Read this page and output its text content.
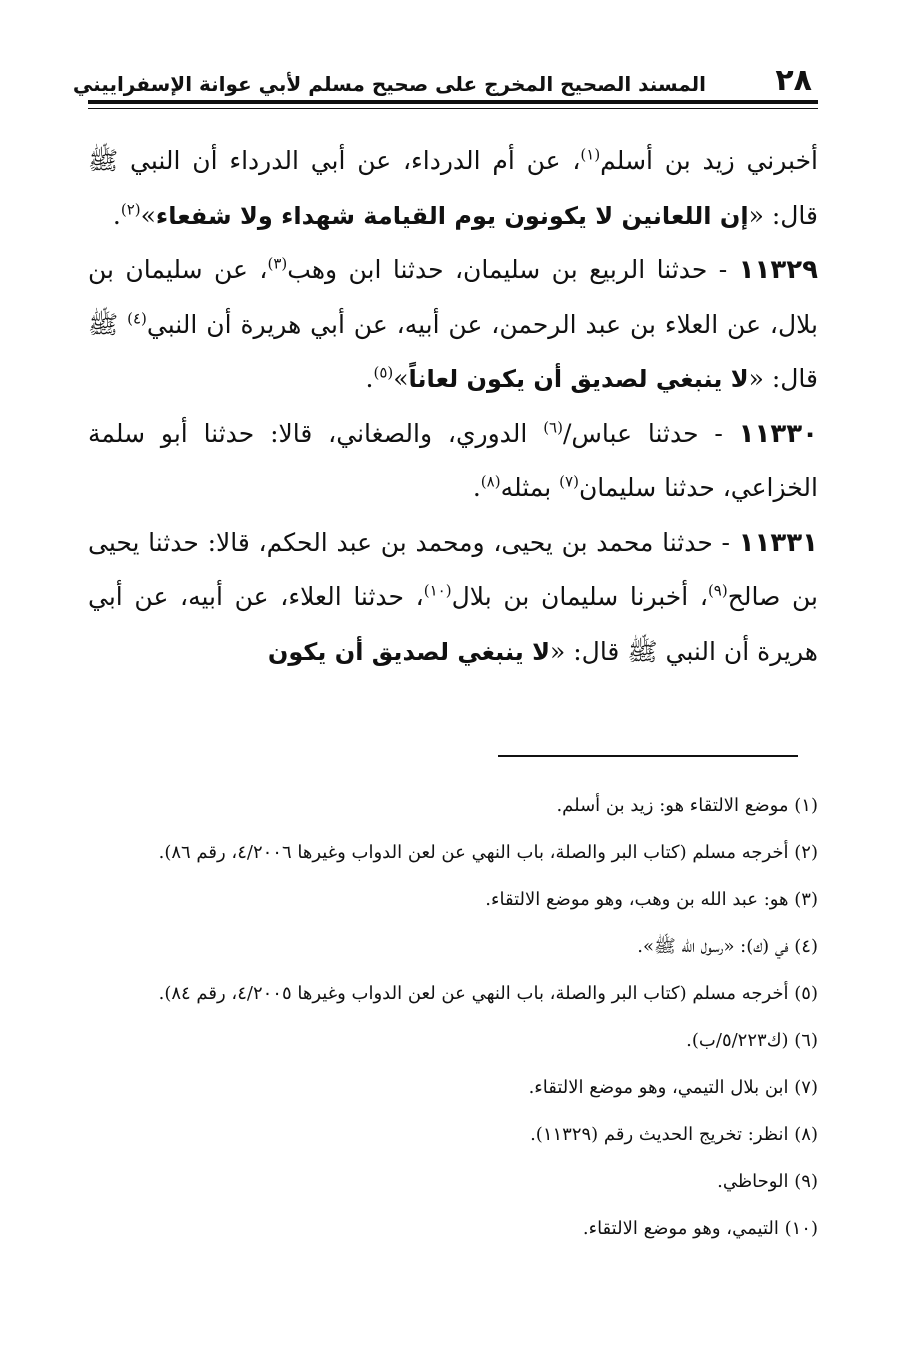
٢٨
المسند الصحيح المخرج على صحيح مسلم لأبي عوانة الإسفراييني

أخبرني زيد بن أسلم$^{(١)}$، عن أم الدرداء، عن أبي الدرداء أن النبي ﷺ قال: «إن اللعانين لا يكونون يوم القيامة شهداء ولا شفعاء»$^{(٢)}$.

١١٣٢٩ - حدثنا الربيع بن سليمان، حدثنا ابن وهب$^{(٣)}$، عن سليمان بن بلال، عن العلاء بن عبد الرحمن، عن أبيه، عن أبي هريرة أن النبي$^{(٤)}$ ﷺ قال: «لا ينبغي لصديق أن يكون لعاناً»$^{(٥)}$.

١١٣٣٠ - حدثنا عباس/$^{(٦)}$ الدوري، والصغاني، قالا: حدثنا أبو سلمة الخزاعي، حدثنا سليمان$^{(٧)}$ بمثله$^{(٨)}$.

١١٣٣١ - حدثنا محمد بن يحيى، ومحمد بن عبد الحكم، قالا: حدثنا يحيى بن صالح$^{(٩)}$، أخبرنا سليمان بن بلال$^{(١٠)}$، حدثنا العلاء، عن أبيه، عن أبي هريرة أن النبي ﷺ قال: «لا ينبغي لصديق أن يكون

(١) موضع الالتقاء هو: زيد بن أسلم.

(٢) أخرجه مسلم (كتاب البر والصلة، باب النهي عن لعن الدواب وغيرها ٤/٢٠٠٦، رقم ٨٦).

(٣) هو: عبد الله بن وهب، وهو موضع الالتقاء.

(٤) في (ك): «رسول الله ﷺ».

(٥) أخرجه مسلم (كتاب البر والصلة، باب النهي عن لعن الدواب وغيرها ٤/٢٠٠٥، رقم ٨٤).

(٦) (ك٥/٢٢٣/ب).

(٧) ابن بلال التيمي، وهو موضع الالتقاء.

(٨) انظر: تخريج الحديث رقم (١١٣٢٩).

(٩) الوحاظي.

(١٠) التيمي، وهو موضع الالتقاء.
